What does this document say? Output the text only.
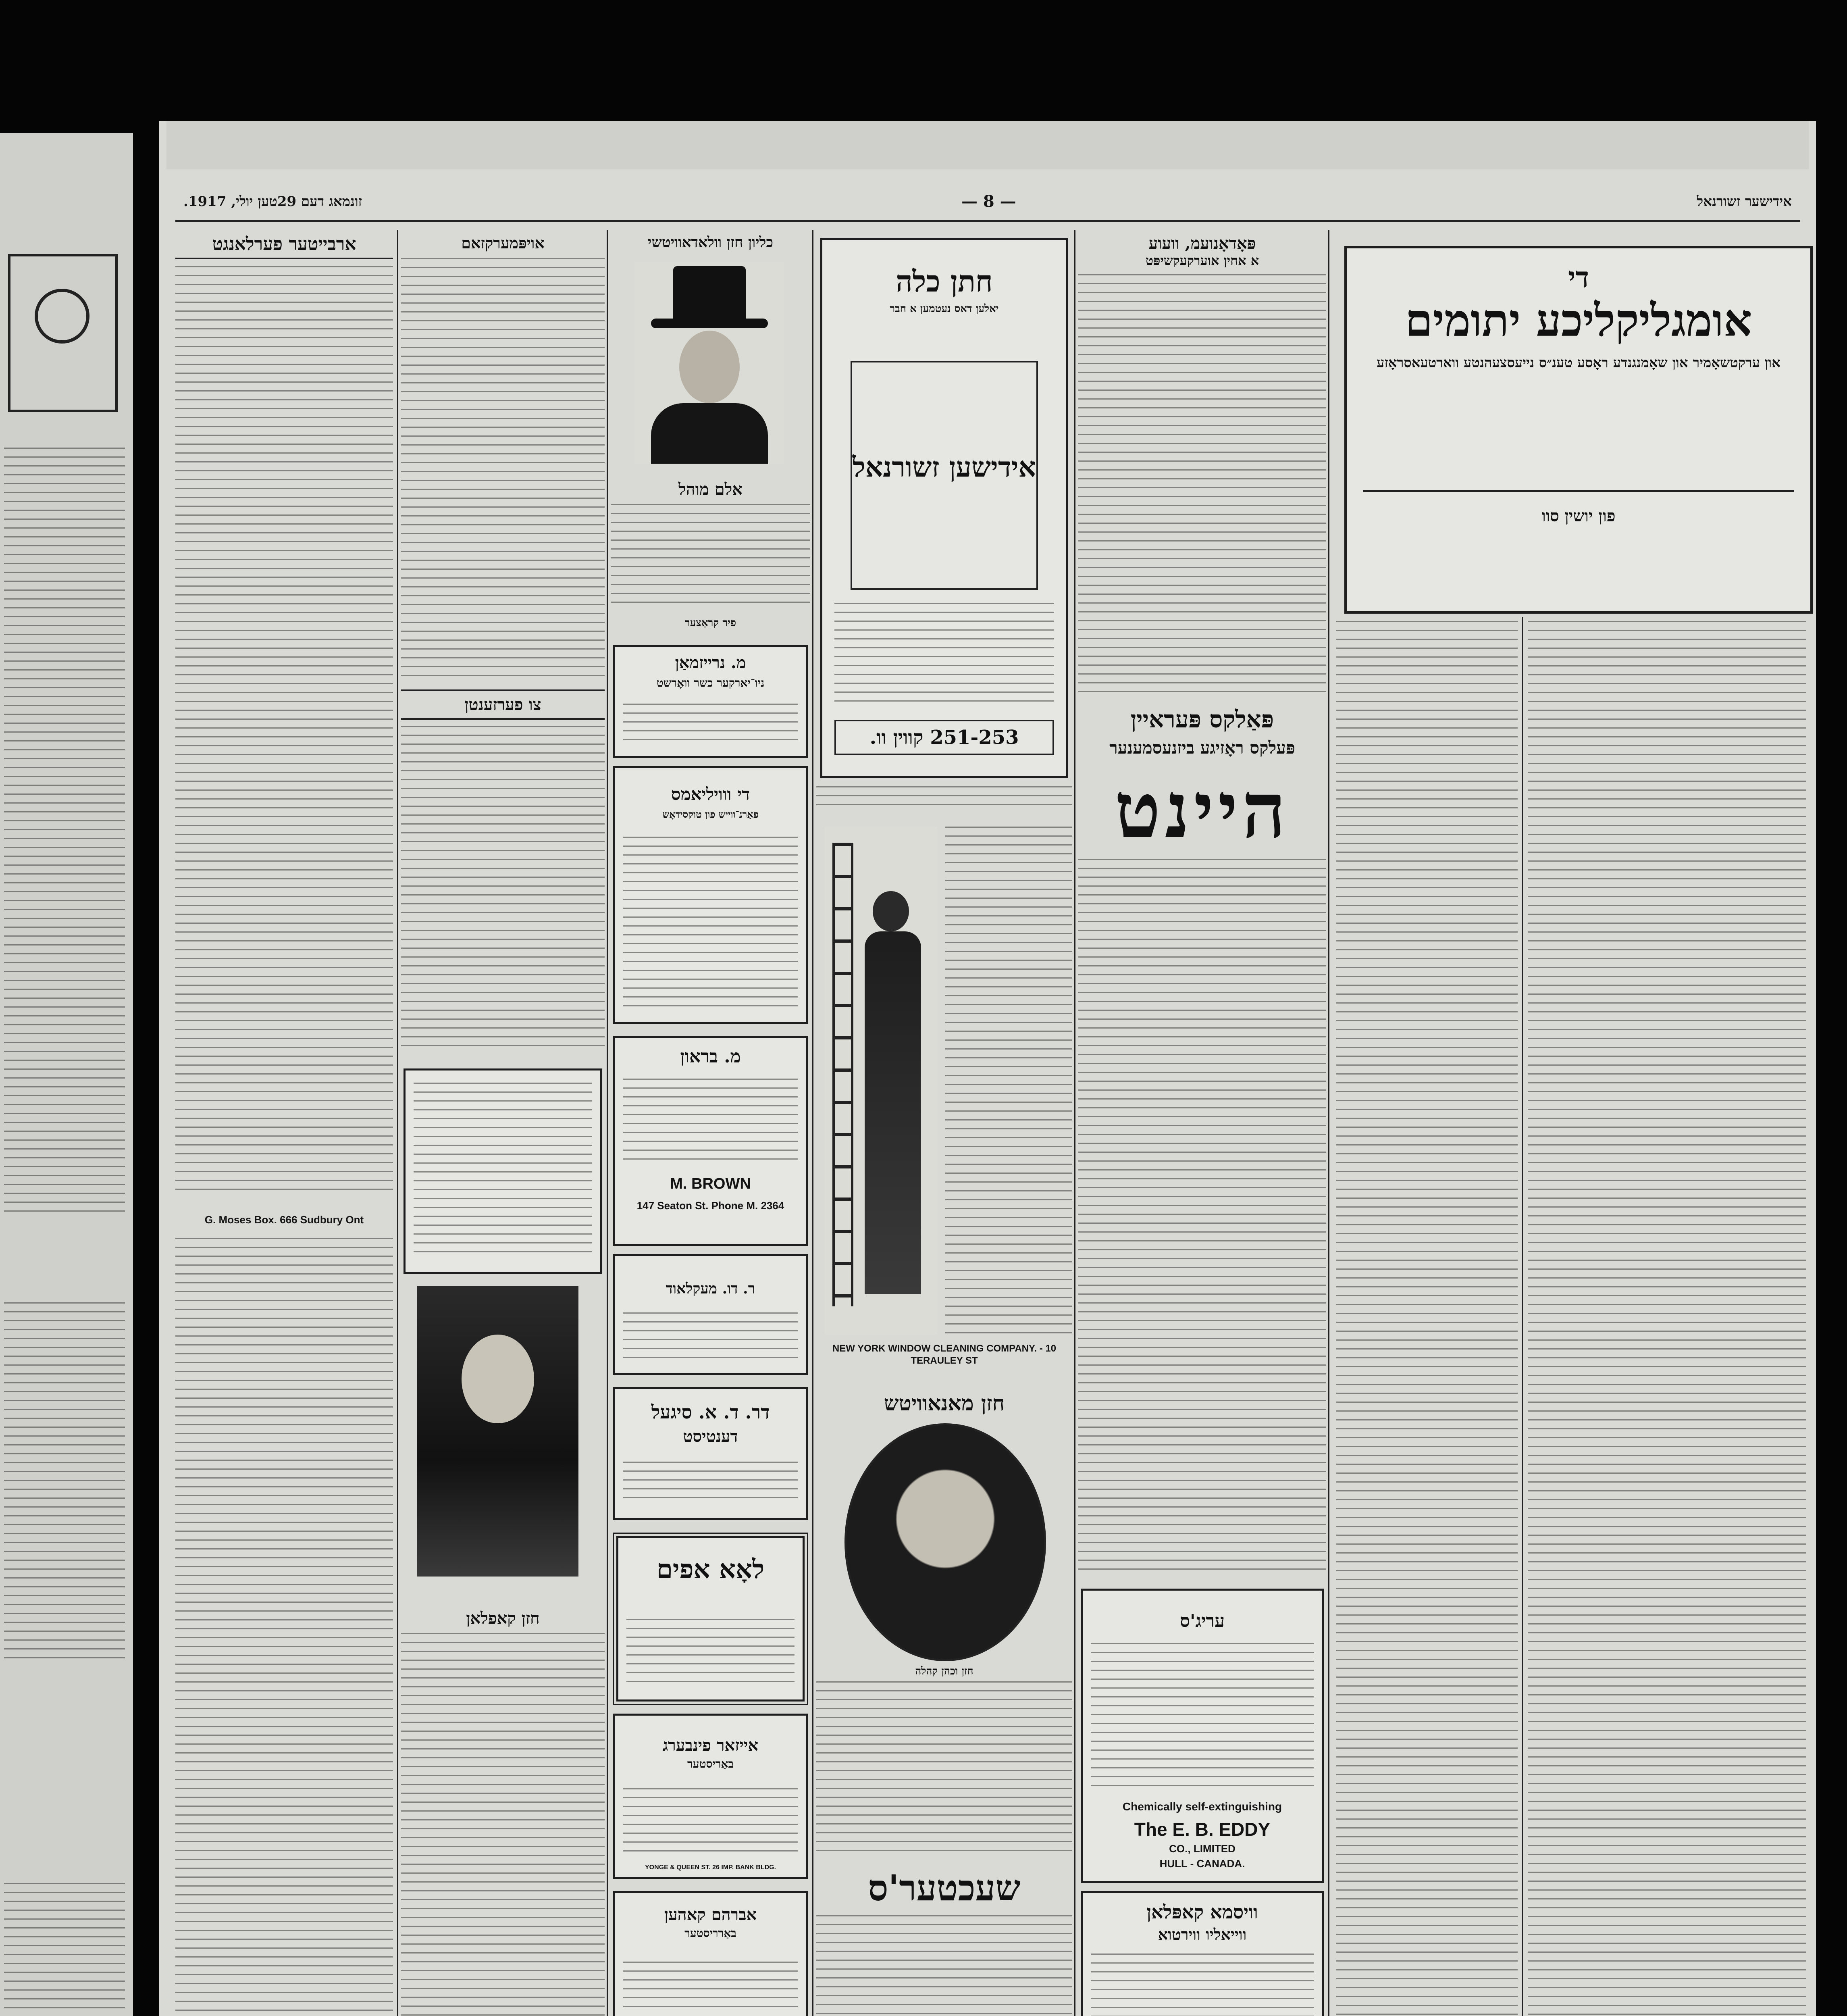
זונמאג דעם 29טען יולי, 1917.	— 8 —	אידישער זשורנאל
ארבייטער פערלאנגט
G. Moses Box. 666 Sudbury Ont
אויפּמערקזאם
צו פערזענטן
חזן קאפלאן
כליון חזן וולאדאוויטשי
אלם מוהל
פיר קראַצער
מ. נרייזמאַן
ניו־יארקער כשר וואָרשט
די ווויליאמס
פאַרנ־ווייש פון טוקסידאָש
מ. בראון
M. BROWN
147 Seaton St. Phone M. 2364
ר. דו. מעקלאוד
דר. ד. א. סיגעל
דענטיסט
לאָא אפים
אייזאר פינבערג
באַריסטער
YONGE & QUEEN ST. 26 IMP. BANK BLDG.
אברהם קאהען
באַרריסטער
חתן כלה
יאלען דאס נעטמען א חבר
אידישען זשורנאל
251-253 קווין וו.
NEW YORK WINDOW CLEANING COMPANY. - 10 TERAULEY ST
חזן מאנאוויטש
חזן וכהן קהלה
שעכטער'ס
פּאָדאָנועמ, וועוע
א אחין אוערקעקשיפּט
פּאַלקס פּעראיין
פּעלקס ראָזיגע ביזנעסמענער
היינט
עריג'ס
Chemically self-extinguishing
The E. B. EDDY
CO., LIMITED
HULL - CANADA.
וויסמא קאפּלאן
ווייאליו ווירטוא
די
אומגליקליכע יתומים
און ערקטשאָמיר און שאָמנגנדע ראָסע טענ״ס נייעסצעהנטע ווארטעאסראָזע
פון יושין סוו
